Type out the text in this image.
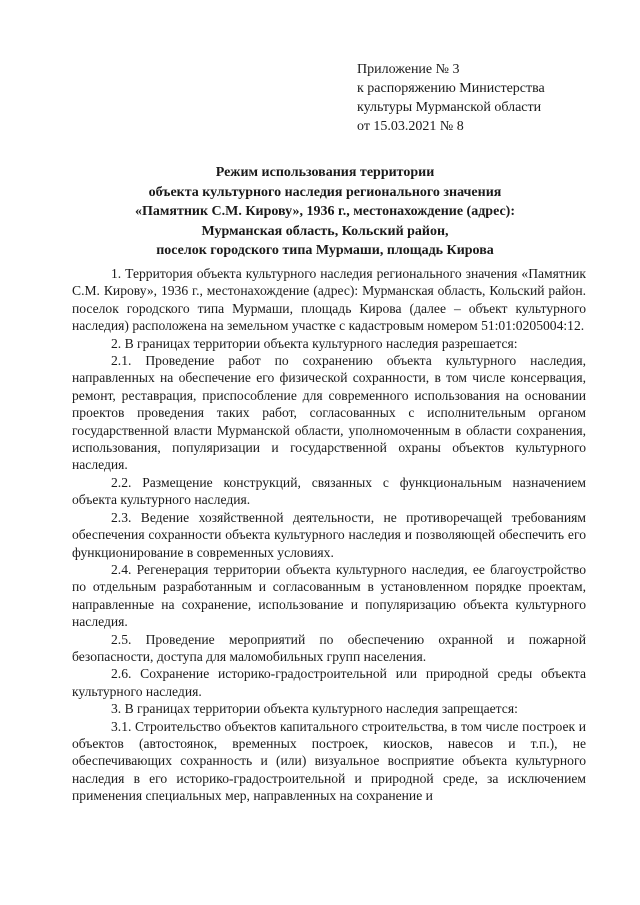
Приложение № 3
к распоряжению Министерства
культуры Мурманской области
от 15.03.2021 № 8
Режим использования территории
объекта культурного наследия регионального значения
«Памятник С.М. Кирову», 1936 г., местонахождение (адрес):
Мурманская область, Кольский район,
поселок городского типа Мурмаши, площадь Кирова

1. Территория объекта культурного наследия регионального значения «Памятник С.М. Кирову», 1936 г., местонахождение (адрес): Мурманская область, Кольский район. поселок городского типа Мурмаши, площадь Кирова (далее – объект культурного наследия) расположена на земельном участке с кадастровым номером 51:01:0205004:12.

2. В границах территории объекта культурного наследия разрешается:

2.1. Проведение работ по сохранению объекта культурного наследия, направленных на обеспечение его физической сохранности, в том числе консервация, ремонт, реставрация, приспособление для современного использования на основании проектов проведения таких работ, согласованных с исполнительным органом государственной власти Мурманской области, уполномоченным в области сохранения, использования, популяризации и государственной охраны объектов культурного наследия.

2.2. Размещение конструкций, связанных с функциональным назначением объекта культурного наследия.

2.3. Ведение хозяйственной деятельности, не противоречащей требованиям обеспечения сохранности объекта культурного наследия и позволяющей обеспечить его функционирование в современных условиях.

2.4. Регенерация территории объекта культурного наследия, ее благоустройство по отдельным разработанным и согласованным в установленном порядке проектам, направленные на сохранение, использование и популяризацию объекта культурного наследия.

2.5. Проведение мероприятий по обеспечению охранной и пожарной безопасности, доступа для маломобильных групп населения.

2.6. Сохранение историко-градостроительной или природной среды объекта культурного наследия.

3. В границах территории объекта культурного наследия запрещается:

3.1. Строительство объектов капитального строительства, в том числе построек и объектов (автостоянок, временных построек, киосков, навесов и т.п.), не обеспечивающих сохранность и (или) визуальное восприятие объекта культурного наследия в его историко-градостроительной и природной среде, за исключением применения специальных мер, направленных на сохранение и
